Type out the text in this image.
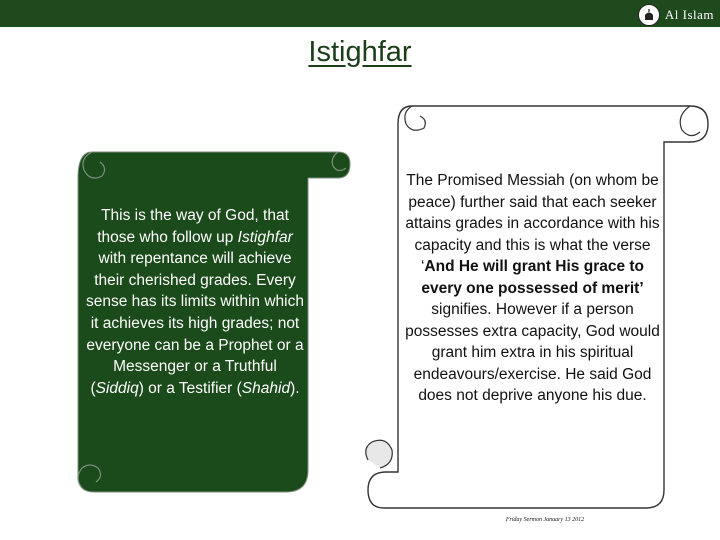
Al Islam
Istighfar
This is the way of God, that those who follow up Istighfar with repentance will achieve their cherished grades. Every sense has its limits within which it achieves its high grades; not everyone can be a Prophet or a Messenger or a Truthful (Siddiq) or a Testifier (Shahid).
The Promised Messiah (on whom be peace) further said that each seeker attains grades in accordance with his capacity and this is what the verse ‘And He will grant His grace to every one possessed of merit’ signifies. However if a person possesses extra capacity, God would grant him extra in his spiritual endeavours/exercise. He said God does not deprive anyone his due.
Friday Sermon January 13 2012
